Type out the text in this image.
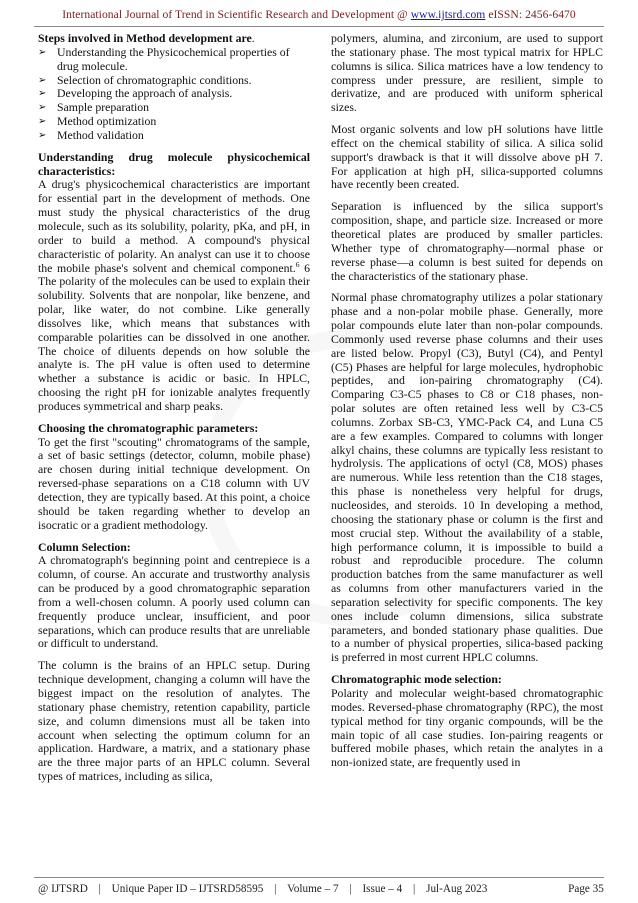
International Journal of Trend in Scientific Research and Development @ www.ijtsrd.com eISSN: 2456-6470

Steps involved in Method development are.

➢ Understanding the Physicochemical properties of drug molecule.
➢ Selection of chromatographic conditions.
➢ Developing the approach of analysis.
➢ Sample preparation
➢ Method optimization
➢ Method validation

Understanding drug molecule physicochemical characteristics:

A drug's physicochemical characteristics are important for essential part in the development of methods. One must study the physical characteristics of the drug molecule, such as its solubility, polarity, pKa, and pH, in order to build a method. A compound's physical characteristic of polarity. An analyst can use it to choose the mobile phase's solvent and chemical component.$^6$ 6 The polarity of the molecules can be used to explain their solubility. Solvents that are nonpolar, like benzene, and polar, like water, do not combine. Like generally dissolves like, which means that substances with comparable polarities can be dissolved in one another. The choice of diluents depends on how soluble the analyte is. The pH value is often used to determine whether a substance is acidic or basic. In HPLC, choosing the right pH for ionizable analytes frequently produces symmetrical and sharp peaks.

Choosing the chromatographic parameters:

To get the first "scouting" chromatograms of the sample, a set of basic settings (detector, column, mobile phase) are chosen during initial technique development. On reversed-phase separations on a C18 column with UV detection, they are typically based. At this point, a choice should be taken regarding whether to develop an isocratic or a gradient methodology.

Column Selection:

A chromatograph's beginning point and centrepiece is a column, of course. An accurate and trustworthy analysis can be produced by a good chromatographic separation from a well-chosen column. A poorly used column can frequently produce unclear, insufficient, and poor separations, which can produce results that are unreliable or difficult to understand.

The column is the brains of an HPLC setup. During technique development, changing a column will have the biggest impact on the resolution of analytes. The stationary phase chemistry, retention capability, particle size, and column dimensions must all be taken into account when selecting the optimum column for an application. Hardware, a matrix, and a stationary phase are the three major parts of an HPLC column. Several types of matrices, including as silica,

polymers, alumina, and zirconium, are used to support the stationary phase. The most typical matrix for HPLC columns is silica. Silica matrices have a low tendency to compress under pressure, are resilient, simple to derivatize, and are produced with uniform spherical sizes.

Most organic solvents and low pH solutions have little effect on the chemical stability of silica. A silica solid support's drawback is that it will dissolve above pH 7. For application at high pH, silica-supported columns have recently been created.

Separation is influenced by the silica support's composition, shape, and particle size. Increased or more theoretical plates are produced by smaller particles. Whether type of chromatography—normal phase or reverse phase—a column is best suited for depends on the characteristics of the stationary phase.

Normal phase chromatography utilizes a polar stationary phase and a non-polar mobile phase. Generally, more polar compounds elute later than non-polar compounds. Commonly used reverse phase columns and their uses are listed below. Propyl (C3), Butyl (C4), and Pentyl (C5) Phases are helpful for large molecules, hydrophobic peptides, and ion-pairing chromatography (C4). Comparing C3-C5 phases to C8 or C18 phases, non-polar solutes are often retained less well by C3-C5 columns. Zorbax SB-C3, YMC-Pack C4, and Luna C5 are a few examples. Compared to columns with longer alkyl chains, these columns are typically less resistant to hydrolysis. The applications of octyl (C8, MOS) phases are numerous. While less retention than the C18 stages, this phase is nonetheless very helpful for drugs, nucleosides, and steroids. 10 In developing a method, choosing the stationary phase or column is the first and most crucial step. Without the availability of a stable, high performance column, it is impossible to build a robust and reproducible procedure. The column production batches from the same manufacturer as well as columns from other manufacturers varied in the separation selectivity for specific components. The key ones include column dimensions, silica substrate parameters, and bonded stationary phase qualities. Due to a number of physical properties, silica-based packing is preferred in most current HPLC columns.

Chromatographic mode selection:

Polarity and molecular weight-based chromatographic modes. Reversed-phase chromatography (RPC), the most typical method for tiny organic compounds, will be the main topic of all case studies. Ion-pairing reagents or buffered mobile phases, which retain the analytes in a non-ionized state, are frequently used in

@ IJTSRD | Unique Paper ID – IJTSRD58595 | Volume – 7 | Issue – 4 | Jul-Aug 2023	Page 35
